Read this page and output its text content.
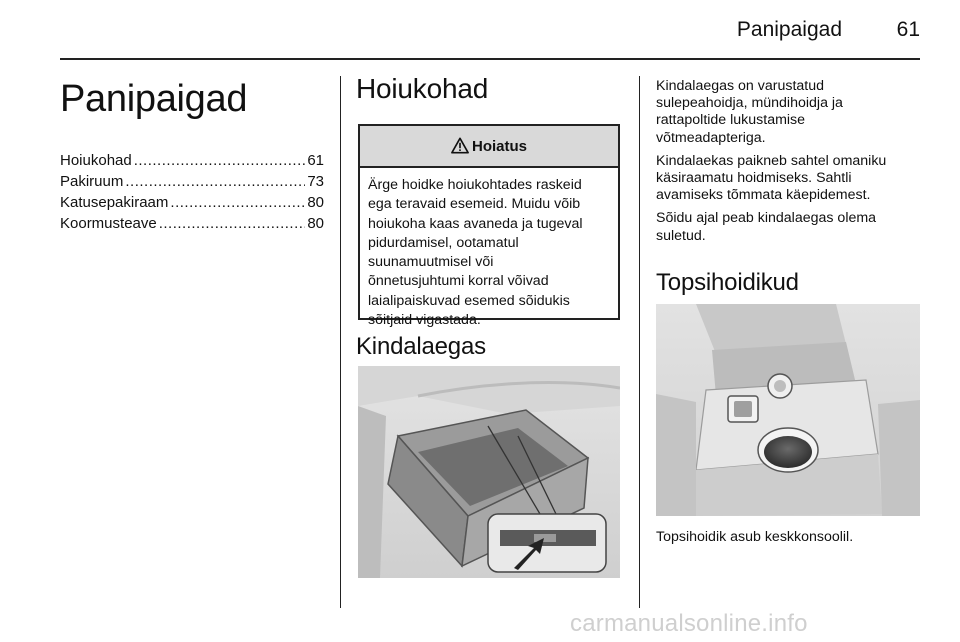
Panipaigad	61
Panipaigad
Hoiukohad .....	61
Pakiruum .....	73
Katusepakiraam .....	80
Koormusteave .....	80
Hoiukohad
Hoiatus
Ärge hoidke hoiukohtades raskeid
ega teravaid esemeid. Muidu võib
hoiukoha kaas avaneda ja tugeval
pidurdamisel, ootamatul
suunamuutmisel või
õnnetusjuhtumi korral võivad
laialipaiskuvad esemed sõidukis
sõitjaid vigastada.
Kindalaegas

Kindalaegas on varustatud
sulepeahoidja, mündihoidja ja
rattapoltide lukustamise
võtmeadapteriga.

Kindalaekas paikneb sahtel omaniku
käsiraamatu hoidmiseks. Sahtli
avamiseks tõmmata käepidemest.

Sõidu ajal peab kindalaegas olema
suletud.

Topsihoidikud
Topsihoidik asub keskkonsoolil.
carmanualsonline.info
